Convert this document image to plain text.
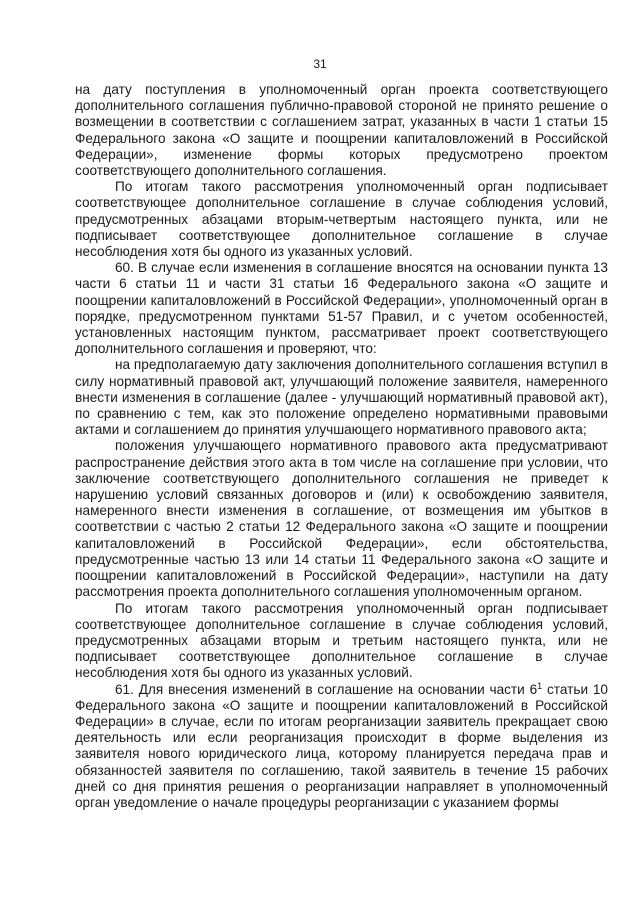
31

на дату поступления в уполномоченный орган проекта соответствующего дополнительного соглашения публично-правовой стороной не принято решение о возмещении в соответствии с соглашением затрат, указанных в части 1 статьи 15 Федерального закона «О защите и поощрении капиталовложений в Российской Федерации», изменение формы которых предусмотрено проектом соответствующего дополнительного соглашения.

По итогам такого рассмотрения уполномоченный орган подписывает соответствующее дополнительное соглашение в случае соблюдения условий, предусмотренных абзацами вторым-четвертым настоящего пункта, или не подписывает соответствующее дополнительное соглашение в случае несоблюдения хотя бы одного из указанных условий.

60. В случае если изменения в соглашение вносятся на основании пункта 13 части 6 статьи 11 и части 31 статьи 16 Федерального закона «О защите и поощрении капиталовложений в Российской Федерации», уполномоченный орган в порядке, предусмотренном пунктами 51-57 Правил, и с учетом особенностей, установленных настоящим пунктом, рассматривает проект соответствующего дополнительного соглашения и проверяют, что:

на предполагаемую дату заключения дополнительного соглашения вступил в силу нормативный правовой акт, улучшающий положение заявителя, намеренного внести изменения в соглашение (далее - улучшающий нормативный правовой акт), по сравнению с тем, как это положение определено нормативными правовыми актами и соглашением до принятия улучшающего нормативного правового акта;

положения улучшающего нормативного правового акта предусматривают распространение действия этого акта в том числе на соглашение при условии, что заключение соответствующего дополнительного соглашения не приведет к нарушению условий связанных договоров и (или) к освобождению заявителя, намеренного внести изменения в соглашение, от возмещения им убытков в соответствии с частью 2 статьи 12 Федерального закона «О защите и поощрении капиталовложений в Российской Федерации», если обстоятельства, предусмотренные частью 13 или 14 статьи 11 Федерального закона «О защите и поощрении капиталовложений в Российской Федерации», наступили на дату рассмотрения проекта дополнительного соглашения уполномоченным органом.

По итогам такого рассмотрения уполномоченный орган подписывает соответствующее дополнительное соглашение в случае соблюдения условий, предусмотренных абзацами вторым и третьим настоящего пункта, или не подписывает соответствующее дополнительное соглашение в случае несоблюдения хотя бы одного из указанных условий.

61. Для внесения изменений в соглашение на основании части $6^1$ статьи 10 Федерального закона «О защите и поощрении капиталовложений в Российской Федерации» в случае, если по итогам реорганизации заявитель прекращает свою деятельность или если реорганизация происходит в форме выделения из заявителя нового юридического лица, которому планируется передача прав и обязанностей заявителя по соглашению, такой заявитель в течение 15 рабочих дней со дня принятия решения о реорганизации направляет в уполномоченный орган уведомление о начале процедуры реорганизации с указанием формы
